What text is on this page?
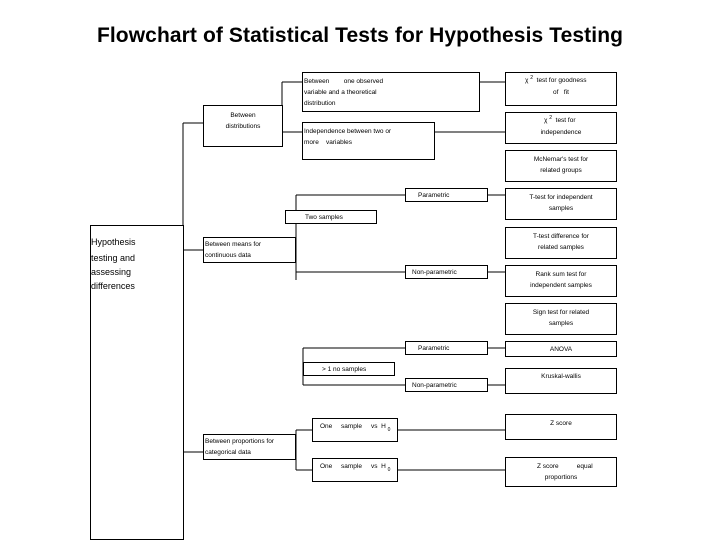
Flowchart of Statistical Tests for Hypothesis Testing
Hypothesis
testing and
assessing
differences
Between
distributions
Between        one observed
variable and a theoretical
distribution
Independence between two or
more    variables
χ $^2$ test for goodness
of   fit
χ $^2$ test for
independence
McNemar's test for
related groups
Between means for
continuous data
Two samples
Parametric
Non-parametric
T-test for independent
samples
T-test difference for
related samples
Rank sum test for
independent samples
Sign test for related
samples
> 1 no samples
Parametric
Non-parametric
ANOVA
Kruskal-wallis
Between proportions for
categorical data
One sample vs  H $_0$
One sample vs  H $_0$
Z score
Z score          equal
proportions
